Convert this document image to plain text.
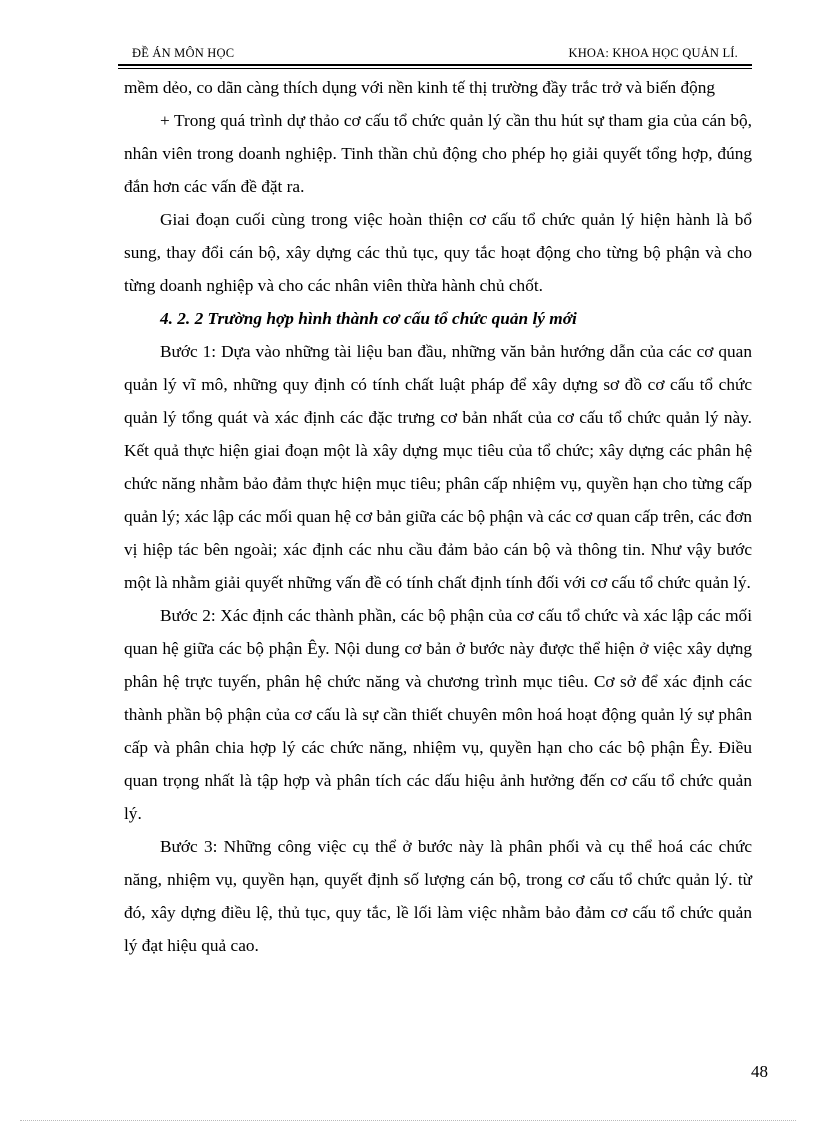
ĐỀ ÁN MÔN HỌC	KHOA: KHOA HỌC QUẢN LÍ.

mềm dẻo, co dãn càng thích dụng với nền kinh tế thị trường đầy trắc trở và biến động

+ Trong quá trình dự thảo cơ cấu tổ chức quản lý cần thu hút sự tham gia của cán bộ, nhân viên trong doanh nghiệp. Tinh thần chủ động cho phép họ giải quyết tổng hợp, đúng đắn hơn các vấn đề đặt ra.

Giai đoạn cuối cùng trong việc hoàn thiện cơ cấu tổ chức quản lý hiện hành là bổ sung, thay đổi cán bộ, xây dựng các thủ tục, quy tắc hoạt động cho từng bộ phận và cho từng doanh nghiệp và cho các nhân viên thừa hành chủ chốt.

4. 2. 2 Trường hợp hình thành cơ cấu tổ chức quản lý mới

Bước 1: Dựa vào những tài liệu ban đầu, những văn bản hướng dẫn của các cơ quan quản lý vĩ mô, những quy định có tính chất luật pháp để xây dựng sơ đồ cơ cấu tổ chức quản lý tổng quát và xác định các đặc trưng cơ bản nhất của cơ cấu tổ chức quản lý này. Kết quả thực hiện giai đoạn một là xây dựng mục tiêu của tổ chức; xây dựng các phân hệ chức năng nhằm bảo đảm thực hiện mục tiêu; phân cấp nhiệm vụ, quyền hạn cho từng cấp quản lý; xác lập các mối quan hệ cơ bản giữa các bộ phận và các cơ quan cấp trên, các đơn vị hiệp tác bên ngoài; xác định các nhu cầu đảm bảo cán bộ và thông tin. Như vậy bước một là nhằm giải quyết những vấn đề có tính chất định tính đối với cơ cấu tổ chức quản lý.

Bước 2: Xác định các thành phần, các bộ phận của cơ cấu tổ chức và xác lập các mối quan hệ giữa các bộ phận Êy. Nội dung cơ bản ở bước này được thể hiện ở việc xây dựng phân hệ trực tuyến, phân hệ chức năng và chương trình mục tiêu. Cơ sở để xác định các thành phần bộ phận của cơ cấu là sự cần thiết chuyên môn hoá hoạt động quản lý sự phân cấp và phân chia hợp lý các chức năng, nhiệm vụ, quyền hạn cho các bộ phận Êy. Điều quan trọng nhất là tập hợp và phân tích các dấu hiệu ảnh hưởng đến cơ cấu tổ chức quản lý.

Bước 3: Những công việc cụ thể ở bước này là phân phối và cụ thể hoá các chức năng, nhiệm vụ, quyền hạn, quyết định số lượng cán bộ, trong cơ cấu tổ chức quản lý. từ đó, xây dựng điều lệ, thủ tục, quy tắc, lề lối làm việc nhằm bảo đảm cơ cấu tổ chức quản lý đạt hiệu quả cao.

48
